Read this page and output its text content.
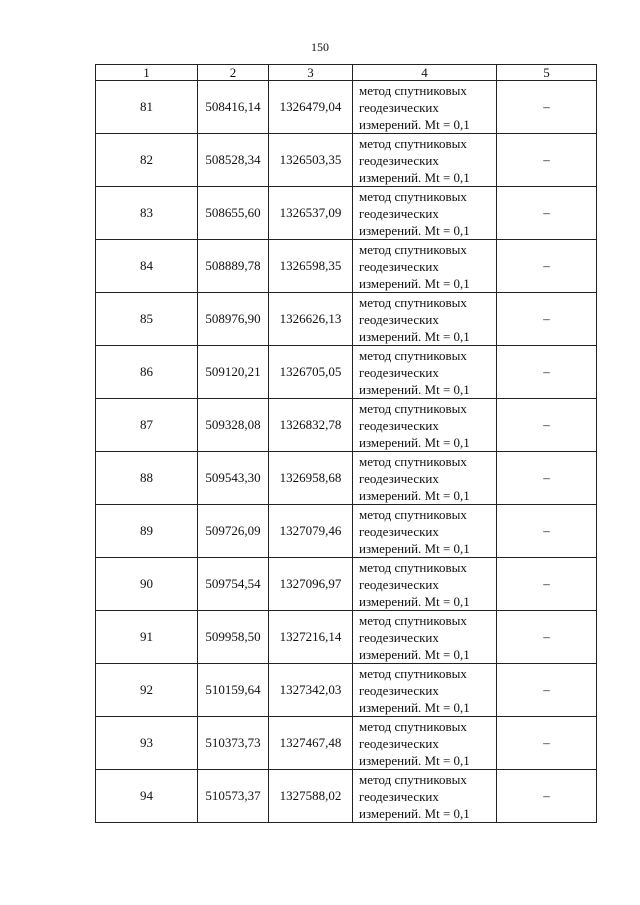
150
1	2	3	4	5
81	508416,14	1326479,04	метод спутниковых
геодезических
измерений. Mt = 0,1	–
82	508528,34	1326503,35	метод спутниковых
геодезических
измерений. Mt = 0,1	–
83	508655,60	1326537,09	метод спутниковых
геодезических
измерений. Mt = 0,1	–
84	508889,78	1326598,35	метод спутниковых
геодезических
измерений. Mt = 0,1	–
85	508976,90	1326626,13	метод спутниковых
геодезических
измерений. Mt = 0,1	–
86	509120,21	1326705,05	метод спутниковых
геодезических
измерений. Mt = 0,1	–
87	509328,08	1326832,78	метод спутниковых
геодезических
измерений. Mt = 0,1	–
88	509543,30	1326958,68	метод спутниковых
геодезических
измерений. Mt = 0,1	–
89	509726,09	1327079,46	метод спутниковых
геодезических
измерений. Mt = 0,1	–
90	509754,54	1327096,97	метод спутниковых
геодезических
измерений. Mt = 0,1	–
91	509958,50	1327216,14	метод спутниковых
геодезических
измерений. Mt = 0,1	–
92	510159,64	1327342,03	метод спутниковых
геодезических
измерений. Mt = 0,1	–
93	510373,73	1327467,48	метод спутниковых
геодезических
измерений. Mt = 0,1	–
94	510573,37	1327588,02	метод спутниковых
геодезических
измерений. Mt = 0,1	–
